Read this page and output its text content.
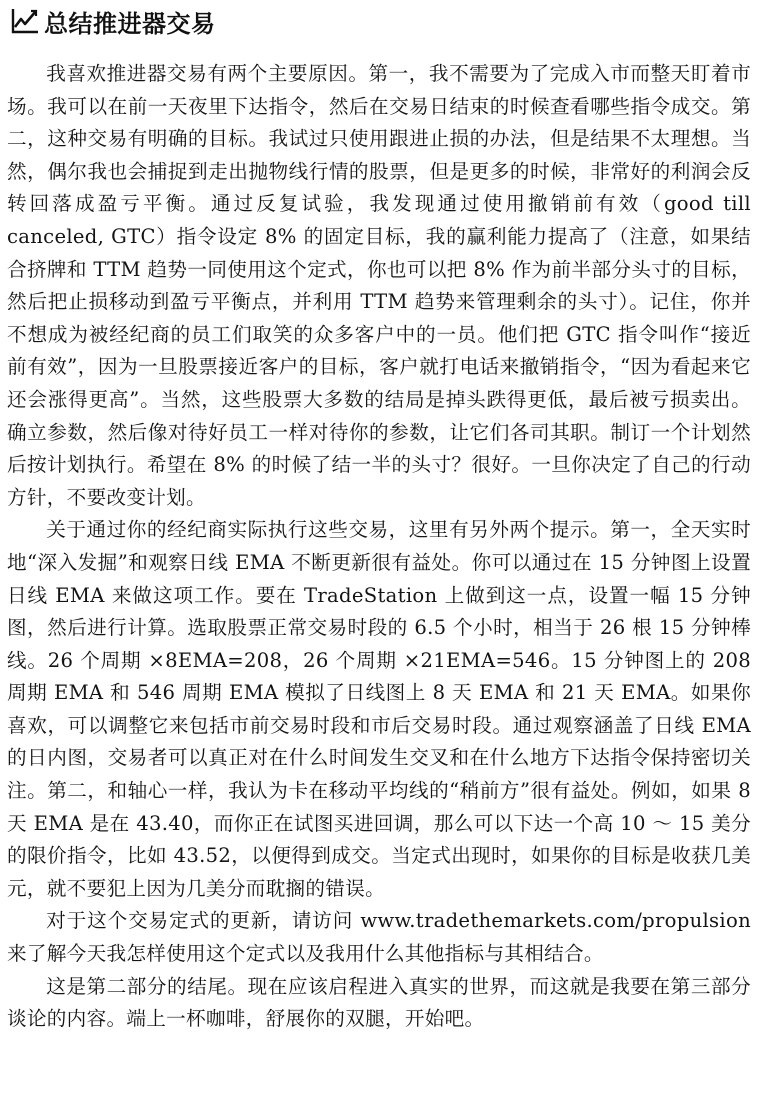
总结推进器交易

我喜欢推进器交易有两个主要原因。第一，我不需要为了完成入市而整天盯着市场。我可以在前一天夜里下达指令，然后在交易日结束的时候查看哪些指令成交。第二，这种交易有明确的目标。我试过只使用跟进止损的办法，但是结果不太理想。当然，偶尔我也会捕捉到走出抛物线行情的股票，但是更多的时候，非常好的利润会反转回落成盈亏平衡。通过反复试验，我发现通过使用撤销前有效（good till canceled, GTC）指令设定 8% 的固定目标，我的赢利能力提高了（注意，如果结合挤牌和 TTM 趋势一同使用这个定式，你也可以把 8% 作为前半部分头寸的目标，然后把止损移动到盈亏平衡点，并利用 TTM 趋势来管理剩余的头寸）。记住，你并不想成为被经纪商的员工们取笑的众多客户中的一员。他们把 GTC 指令叫作“接近前有效”，因为一旦股票接近客户的目标，客户就打电话来撤销指令，“因为看起来它还会涨得更高”。当然，这些股票大多数的结局是掉头跌得更低，最后被亏损卖出。确立参数，然后像对待好员工一样对待你的参数，让它们各司其职。制订一个计划然后按计划执行。希望在 8% 的时候了结一半的头寸？很好。一旦你决定了自己的行动方针，不要改变计划。

关于通过你的经纪商实际执行这些交易，这里有另外两个提示。第一，全天实时地“深入发掘”和观察日线 EMA 不断更新很有益处。你可以通过在 15 分钟图上设置日线 EMA 来做这项工作。要在 TradeStation 上做到这一点，设置一幅 15 分钟图，然后进行计算。选取股票正常交易时段的 6.5 个小时，相当于 26 根 15 分钟棒线。26 个周期 ×8EMA=208，26 个周期 ×21EMA=546。15 分钟图上的 208 周期 EMA 和 546 周期 EMA 模拟了日线图上 8 天 EMA 和 21 天 EMA。如果你喜欢，可以调整它来包括市前交易时段和市后交易时段。通过观察涵盖了日线 EMA 的日内图，交易者可以真正对在什么时间发生交叉和在什么地方下达指令保持密切关注。第二，和轴心一样，我认为卡在移动平均线的“稍前方”很有益处。例如，如果 8 天 EMA 是在 43.40，而你正在试图买进回调，那么可以下达一个高 10 ～ 15 美分的限价指令，比如 43.52，以便得到成交。当定式出现时，如果你的目标是收获几美元，就不要犯上因为几美分而耽搁的错误。

对于这个交易定式的更新，请访问 www.tradethemarkets.com/propulsion 来了解今天我怎样使用这个定式以及我用什么其他指标与其相结合。

这是第二部分的结尾。现在应该启程进入真实的世界，而这就是我要在第三部分谈论的内容。端上一杯咖啡，舒展你的双腿，开始吧。
